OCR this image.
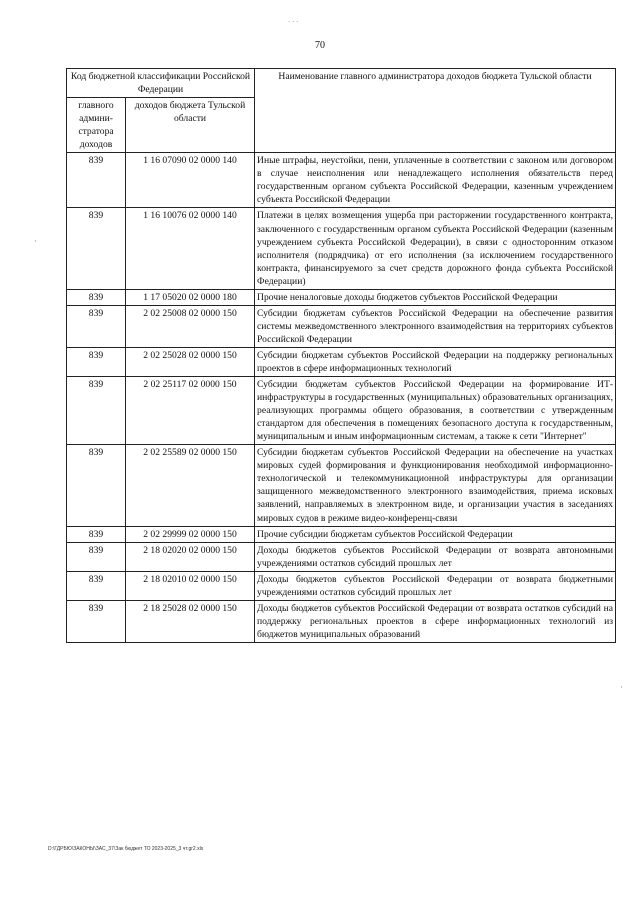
70
Код бюджетной классификации Российской Федерации		Наименование главного администратора доходов бюджета Тульской области
главного админи-стратора доходов	доходов бюджета Тульской области	
839	1 16 07090 02 0000 140	Иные штрафы, неустойки, пени, уплаченные в соответствии с законом или договором в случае неисполнения или ненадлежащего исполнения обязательств перед государственным органом субъекта Российской Федерации, казенным учреждением субъекта Российской Федерации
839	1 16 10076 02 0000 140	Платежи в целях возмещения ущерба при расторжении государственного контракта, заключенного с государственным органом субъекта Российской Федерации (казенным учреждением субъекта Российской Федерации), в связи с односторонним отказом исполнителя (подрядчика) от его исполнения (за исключением государственного контракта, финансируемого за счет средств дорожного фонда субъекта Российской Федерации)
839	1 17 05020 02 0000 180	Прочие неналоговые доходы бюджетов субъектов Российской Федерации
839	2 02 25008 02 0000 150	Субсидии бюджетам субъектов Российской Федерации на обеспечение развития системы межведомственного электронного взаимодействия на территориях субъектов Российской Федерации
839	2 02 25028 02 0000 150	Субсидии бюджетам субъектов Российской Федерации на поддержку региональных проектов в сфере информационных технологий
839	2 02 25117 02 0000 150	Субсидии бюджетам субъектов Российской Федерации на формирование ИТ-инфраструктуры в государственных (муниципальных) образовательных организациях, реализующих программы общего образования, в соответствии с утвержденным стандартом для обеспечения в помещениях безопасного доступа к государственным, муниципальным и иным информационным системам, а также к сети "Интернет"
839	2 02 25589 02 0000 150	Субсидии бюджетам субъектов Российской Федерации на обеспечение на участках мировых судей формирования и функционирования необходимой информационно-технологической и телекоммуникационной инфраструктуры для организации защищенного межведомственного электронного взаимодействия, приема исковых заявлений, направляемых в электронном виде, и организации участия в заседаниях мировых судов в режиме видео-конференц-связи
839	2 02 29999 02 0000 150	Прочие субсидии бюджетам субъектов Российской Федерации
839	2 18 02020 02 0000 150	Доходы бюджетов субъектов Российской Федерации от возврата автономными учреждениями остатков субсидий прошлых лет
839	2 18 02010 02 0000 150	Доходы бюджетов субъектов Российской Федерации от возврата бюджетными учреждениями остатков субсидий прошлых лет
839	2 18 25028 02 0000 150	Доходы бюджетов субъектов Российской Федерации от возврата остатков субсидий на поддержку региональных проектов в сфере информационных технологий из бюджетов муниципальных образований
D:\ГДРБЮ\ЗАКОНЫ\ЗАС_37\Зак бюджет ТО 2023-2025_3 чт.gr2.xls
` ´ ´
·
·
